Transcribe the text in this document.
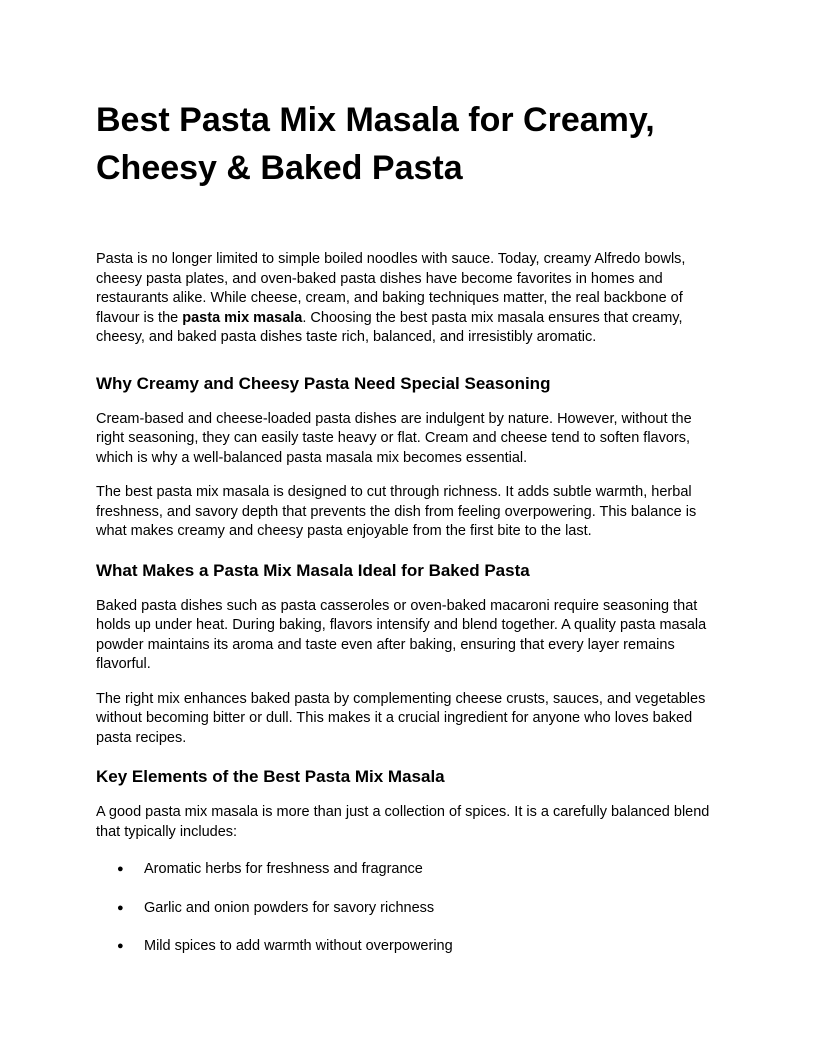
Best Pasta Mix Masala for Creamy, Cheesy & Baked Pasta

Pasta is no longer limited to simple boiled noodles with sauce. Today, creamy Alfredo bowls, cheesy pasta plates, and oven-baked pasta dishes have become favorites in homes and restaurants alike. While cheese, cream, and baking techniques matter, the real backbone of flavour is the pasta mix masala. Choosing the best pasta mix masala ensures that creamy, cheesy, and baked pasta dishes taste rich, balanced, and irresistibly aromatic.

Why Creamy and Cheesy Pasta Need Special Seasoning

Cream-based and cheese-loaded pasta dishes are indulgent by nature. However, without the right seasoning, they can easily taste heavy or flat. Cream and cheese tend to soften flavors, which is why a well-balanced pasta masala mix becomes essential.

The best pasta mix masala is designed to cut through richness. It adds subtle warmth, herbal freshness, and savory depth that prevents the dish from feeling overpowering. This balance is what makes creamy and cheesy pasta enjoyable from the first bite to the last.

What Makes a Pasta Mix Masala Ideal for Baked Pasta

Baked pasta dishes such as pasta casseroles or oven-baked macaroni require seasoning that holds up under heat. During baking, flavors intensify and blend together. A quality pasta masala powder maintains its aroma and taste even after baking, ensuring that every layer remains flavorful.

The right mix enhances baked pasta by complementing cheese crusts, sauces, and vegetables without becoming bitter or dull. This makes it a crucial ingredient for anyone who loves baked pasta recipes.

Key Elements of the Best Pasta Mix Masala

A good pasta mix masala is more than just a collection of spices. It is a carefully balanced blend that typically includes:

● Aromatic herbs for freshness and fragrance
● Garlic and onion powders for savory richness
● Mild spices to add warmth without overpowering
